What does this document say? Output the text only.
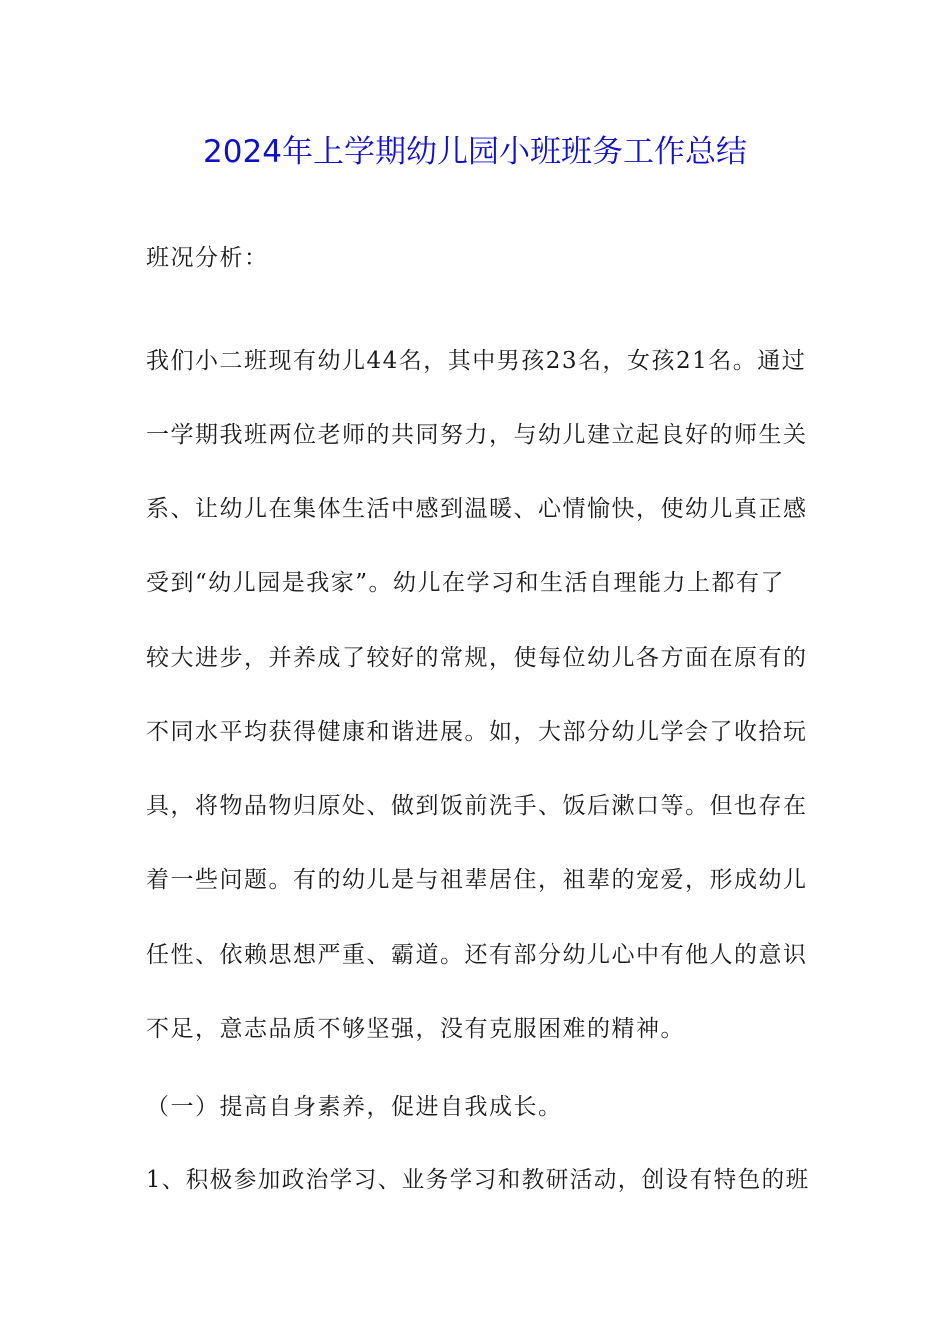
2024年上学期幼儿园小班班务工作总结
班况分析：
我们小二班现有幼儿44名，其中男孩23名，女孩21名。通过
一学期我班两位老师的共同努力，与幼儿建立起良好的师生关
系、让幼儿在集体生活中感到温暖、心情愉快，使幼儿真正感
受到“幼儿园是我家”。幼儿在学习和生活自理能力上都有了
较大进步，并养成了较好的常规，使每位幼儿各方面在原有的
不同水平均获得健康和谐进展。如，大部分幼儿学会了收拾玩
具，将物品物归原处、做到饭前洗手、饭后漱口等。但也存在
着一些问题。有的幼儿是与祖辈居住，祖辈的宠爱，形成幼儿
任性、依赖思想严重、霸道。还有部分幼儿心中有他人的意识
不足，意志品质不够坚强，没有克服困难的精神。
（一）提高自身素养，促进自我成长。
1、积极参加政治学习、业务学习和教研活动，创设有特色的班
